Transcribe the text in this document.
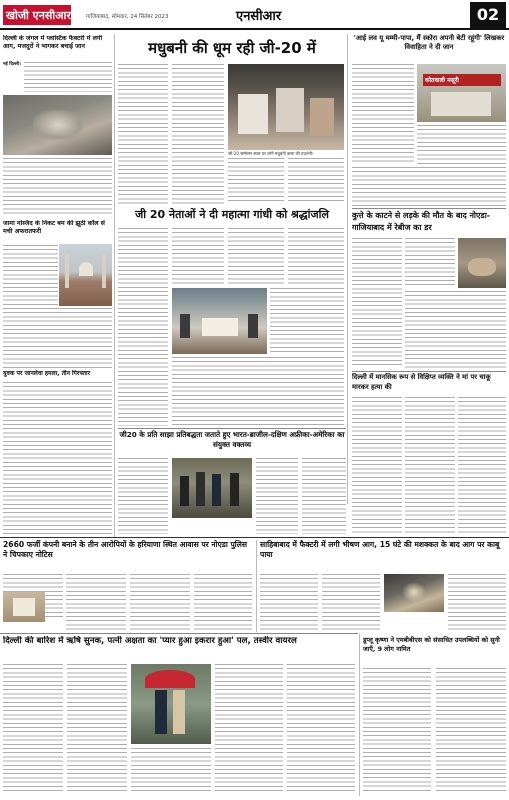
खोजी एनसीआर	गाजियाबाद, सोमवार, 24 सितंबर 2023	एनसीआर	02
दिल्ली के जंगल में प्लास्टिक फैक्टरी में लगी आग, मजदूरों ने भागकर बचाई जान
नई दिल्ली।
जामा मस्जिद के निकट बम की झूठी कॉल से मची अफरातफरी
युवक पर जानलेवा हमला, तीन गिरफ्तार
मधुबनी की धूम रही जी-20 में
जी-20 सम्मेलन स्थल पर लगी मधुबनी कला की प्रदर्शनी।
जी 20 नेताओं ने दी महात्मा गांधी को श्रद्धांजलि
जी20 के प्रति साझा प्रतिबद्धता जताते हुए भारत-ब्राजील-दक्षिण अफ्रीका-अमेरिका का संयुक्त वक्तव्य
'आई लव यू मम्मी-पापा, मैं स्कोरा अपनी बेटी रहूंगी' लिखकर विवाहिता ने दी जान
कोतवाली मसूरी
कुत्ते के काटने से लड़के की मौत के बाद नोएडा-गाजियाबाद में रेबीज का डर
दिल्ली में मानसिक रूप से विक्षिप्त व्यक्ति ने मां पर चाकू मारकर हत्या की
2660 फर्जी कंपनी बनाने के तीन आरोपियों के हरियाणा स्थित आवास पर नोएडा पुलिस ने चिपकाए नोटिस
साहिबाबाद में फैक्टरी में लगी भीषण आग, 15 घंटे की मशक्कत के बाद आग पर काबू पाया
दिल्ली की बारिश में ऋषि सुनक, पत्नी अक्षता का 'प्यार हुआ इकरार हुआ' पल, तस्वीर वायरल	डूप्लू कृष्णा ने एमबीबीएस को संसाधित उपलब्धियों को सुनी जाएँ, 9 लोग नामित
